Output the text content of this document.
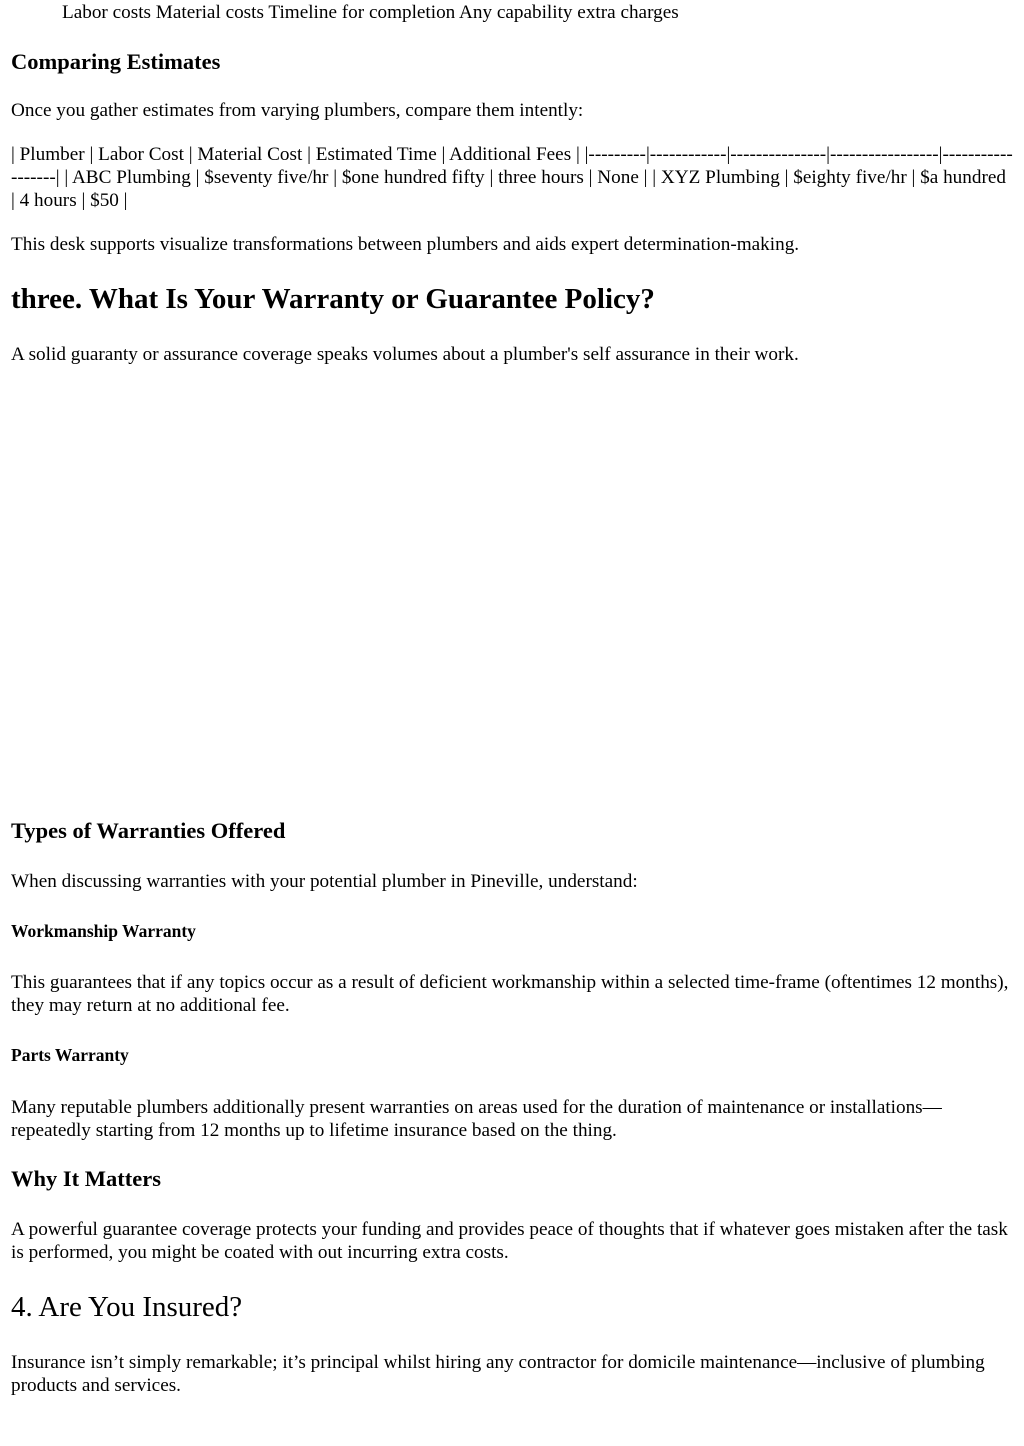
Labor costs Material costs Timeline for completion Any capability extra charges

Comparing Estimates

Once you gather estimates from varying plumbers, compare them intently:

| Plumber | Labor Cost | Material Cost | Estimated Time | Additional Fees | |---------|------------|---------------|-----------------|------------------| | ABC Plumbing | $seventy five/hr | $one hundred fifty | three hours | None | | XYZ Plumbing | $eighty five/hr | $a hundred | 4 hours | $50 |

This desk supports visualize transformations between plumbers and aids expert determination-making.

three. What Is Your Warranty or Guarantee Policy?

A solid guaranty or assurance coverage speaks volumes about a plumber's self assurance in their work.

Types of Warranties Offered

When discussing warranties with your potential plumber in Pineville, understand:

Workmanship Warranty

This guarantees that if any topics occur as a result of deficient workmanship within a selected time-frame (oftentimes 12 months), they may return at no additional fee.

Parts Warranty

Many reputable plumbers additionally present warranties on areas used for the duration of maintenance or installations—repeatedly starting from 12 months up to lifetime insurance based on the thing.

Why It Matters

A powerful guarantee coverage protects your funding and provides peace of thoughts that if whatever goes mistaken after the task is performed, you might be coated with out incurring extra costs.

4. Are You Insured?

Insurance isn’t simply remarkable; it’s principal whilst hiring any contractor for domicile maintenance—inclusive of plumbing products and services.
